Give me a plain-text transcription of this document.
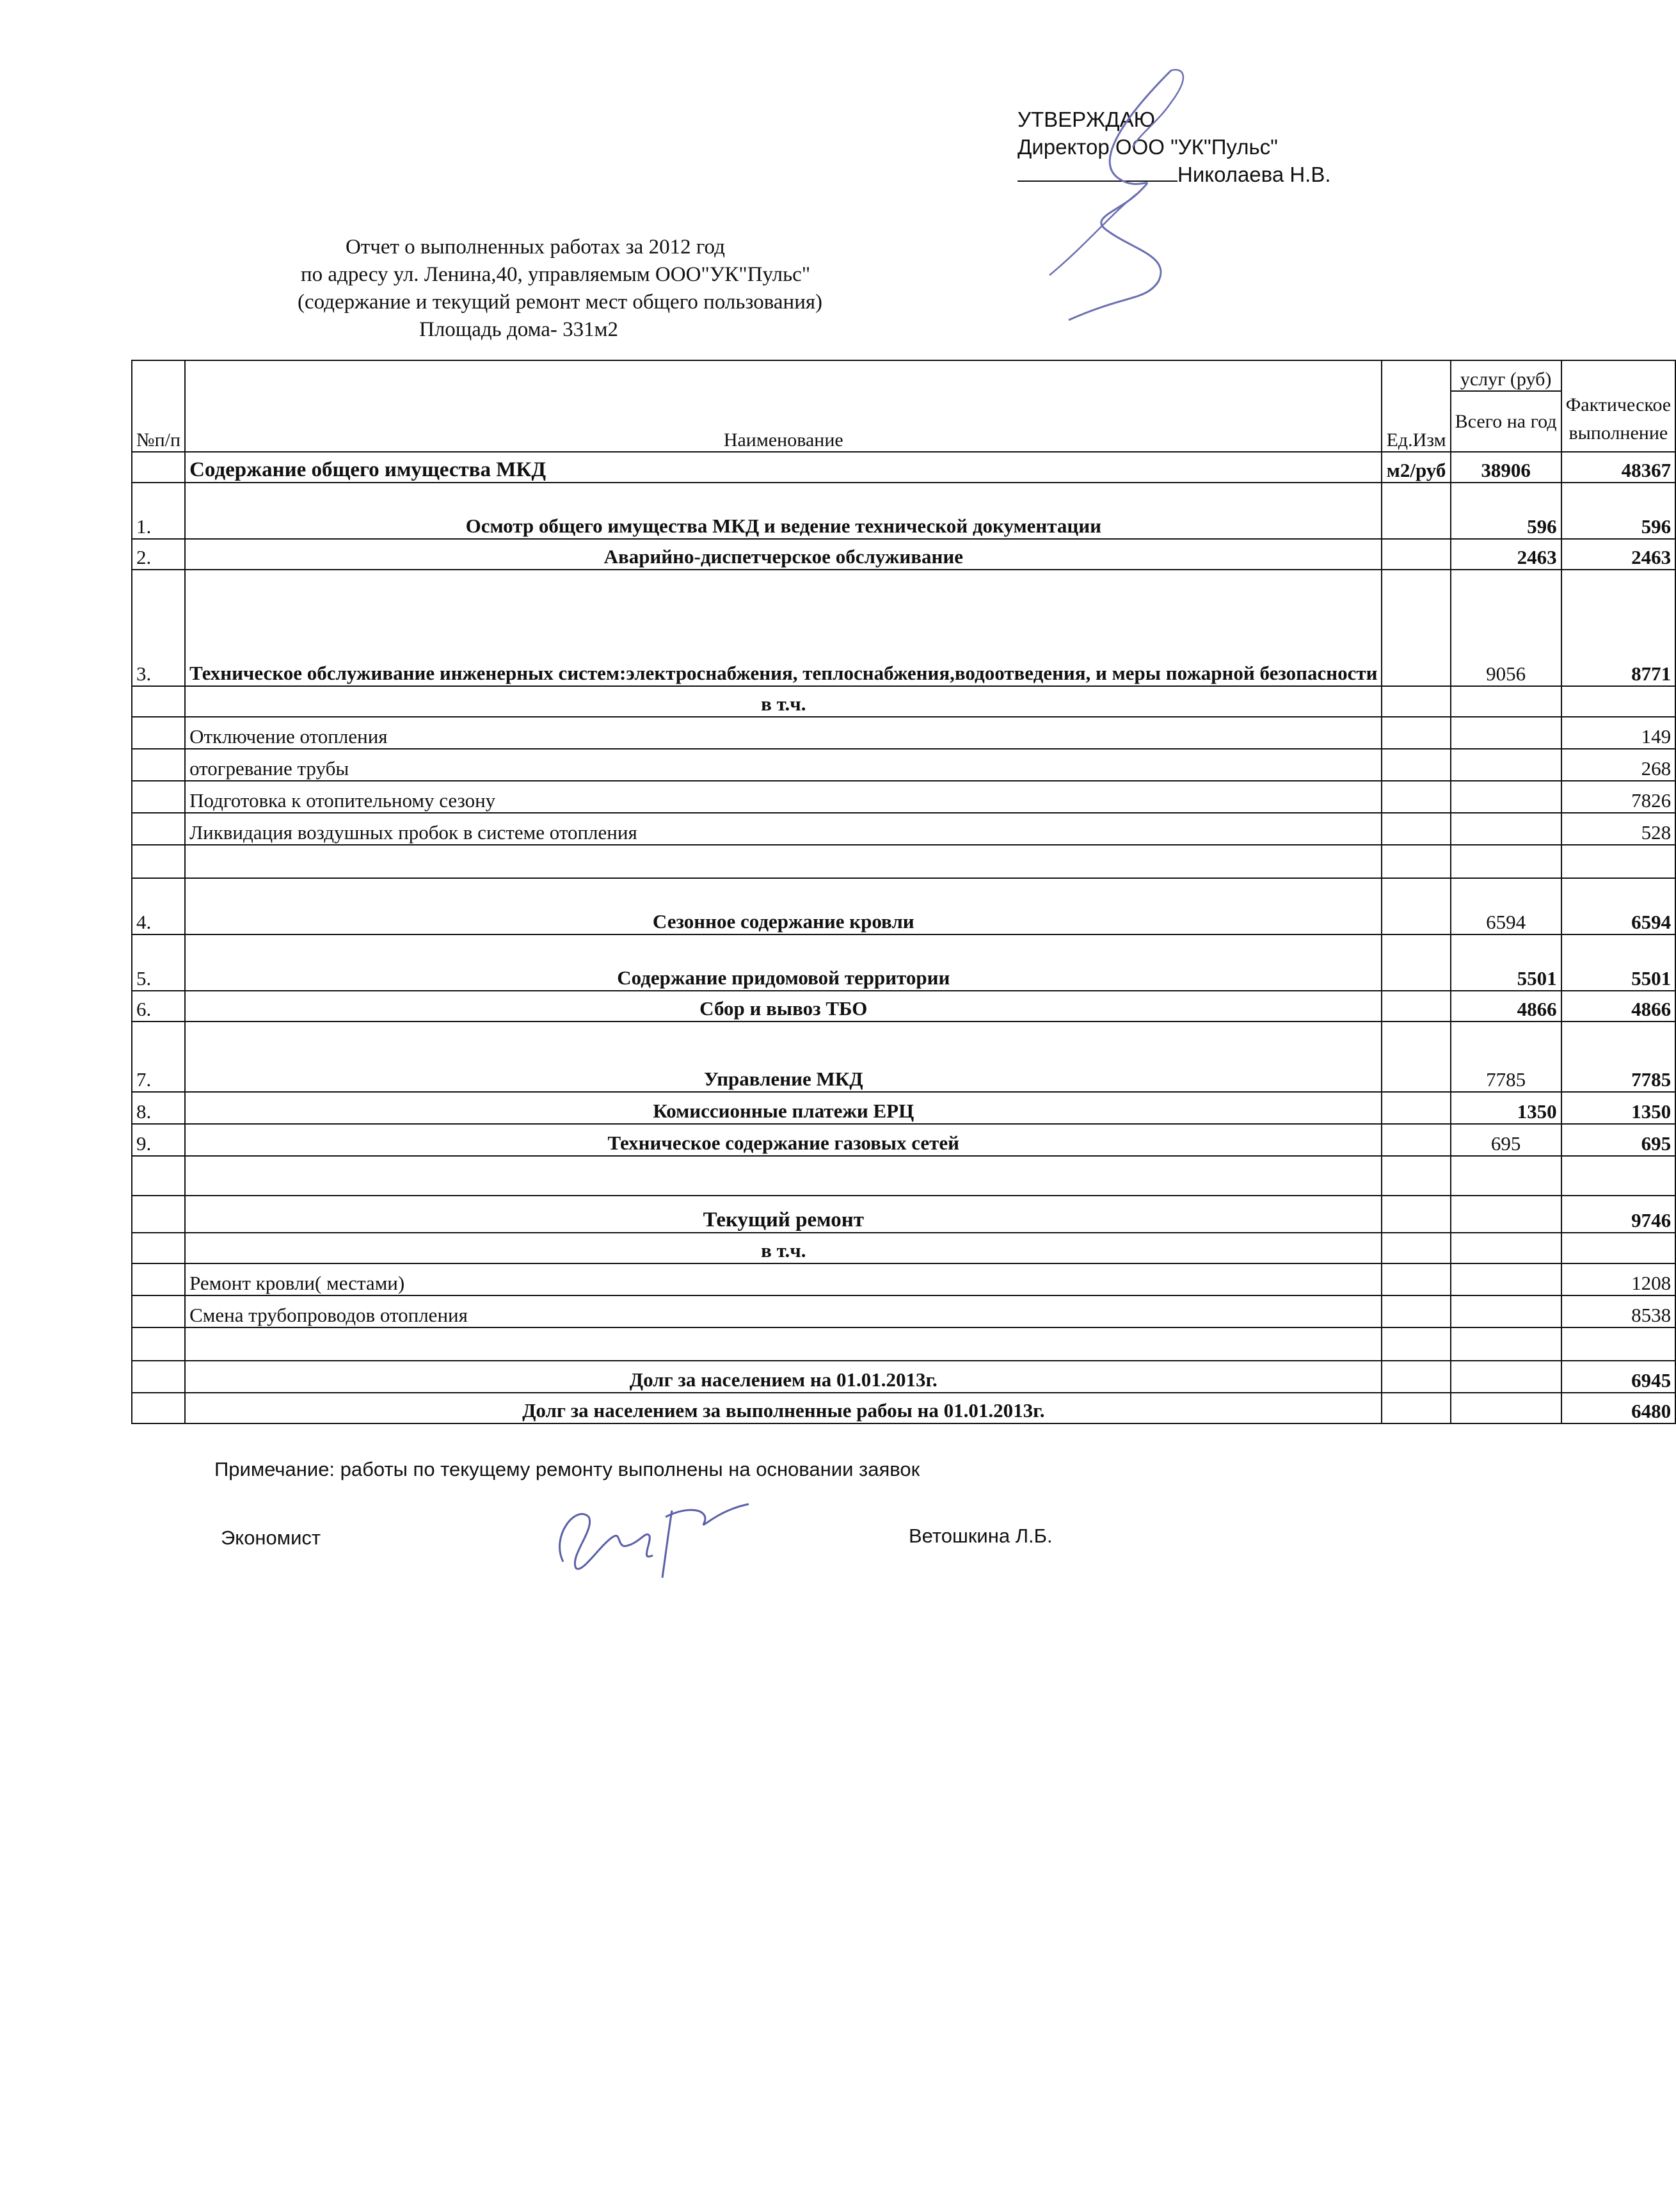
УТВЕРЖДАЮ
Директор ООО "УК"Пульс"
Николаева Н.В.
Отчет о выполненных работах за 2012 год
по адресу ул. Ленина,40, управляемым ООО"УК"Пульс"
(содержание и текущий ремонт мест общего пользования)
Площадь дома- 331м2
№п/п	Наименование	Ед.Изм	услуг (руб)	Фактическое выполнение
			Всего на год	
	Содержание общего имущества МКД	м2/руб	38906	48367
1.	Осмотр общего имущества МКД и ведение технической документации		596	596
2.	Аварийно-диспетчерское обслуживание		2463	2463
3.	Техническое обслуживание инженерных систем:электроснабжения, теплоснабжения,водоотведения, и меры пожарной безопасности		9056	8771
	в т.ч.			
	Отключение отопления			149
	отогревание трубы			268
	Подготовка к отопительному сезону			7826
	Ликвидация воздушных пробок в системе отопления			528

4.	Сезонное содержание кровли		6594	6594
5.	Содержание придомовой территории		5501	5501
6.	Сбор и вывоз ТБО		4866	4866
7.	Управление МКД		7785	7785
8.	Комиссионные платежи ЕРЦ		1350	1350
9.	Техническое содержание газовых сетей		695	695

	Текущий ремонт			9746
	в т.ч.			
	Ремонт кровли( местами)			1208
	Смена трубопроводов отопления			8538

	Долг за населением на 01.01.2013г.			6945
	Долг за населением за выполненные рабоы на 01.01.2013г.			6480
Примечание: работы по текущему ремонту выполнены на основании заявок
Экономист	Ветошкина Л.Б.
